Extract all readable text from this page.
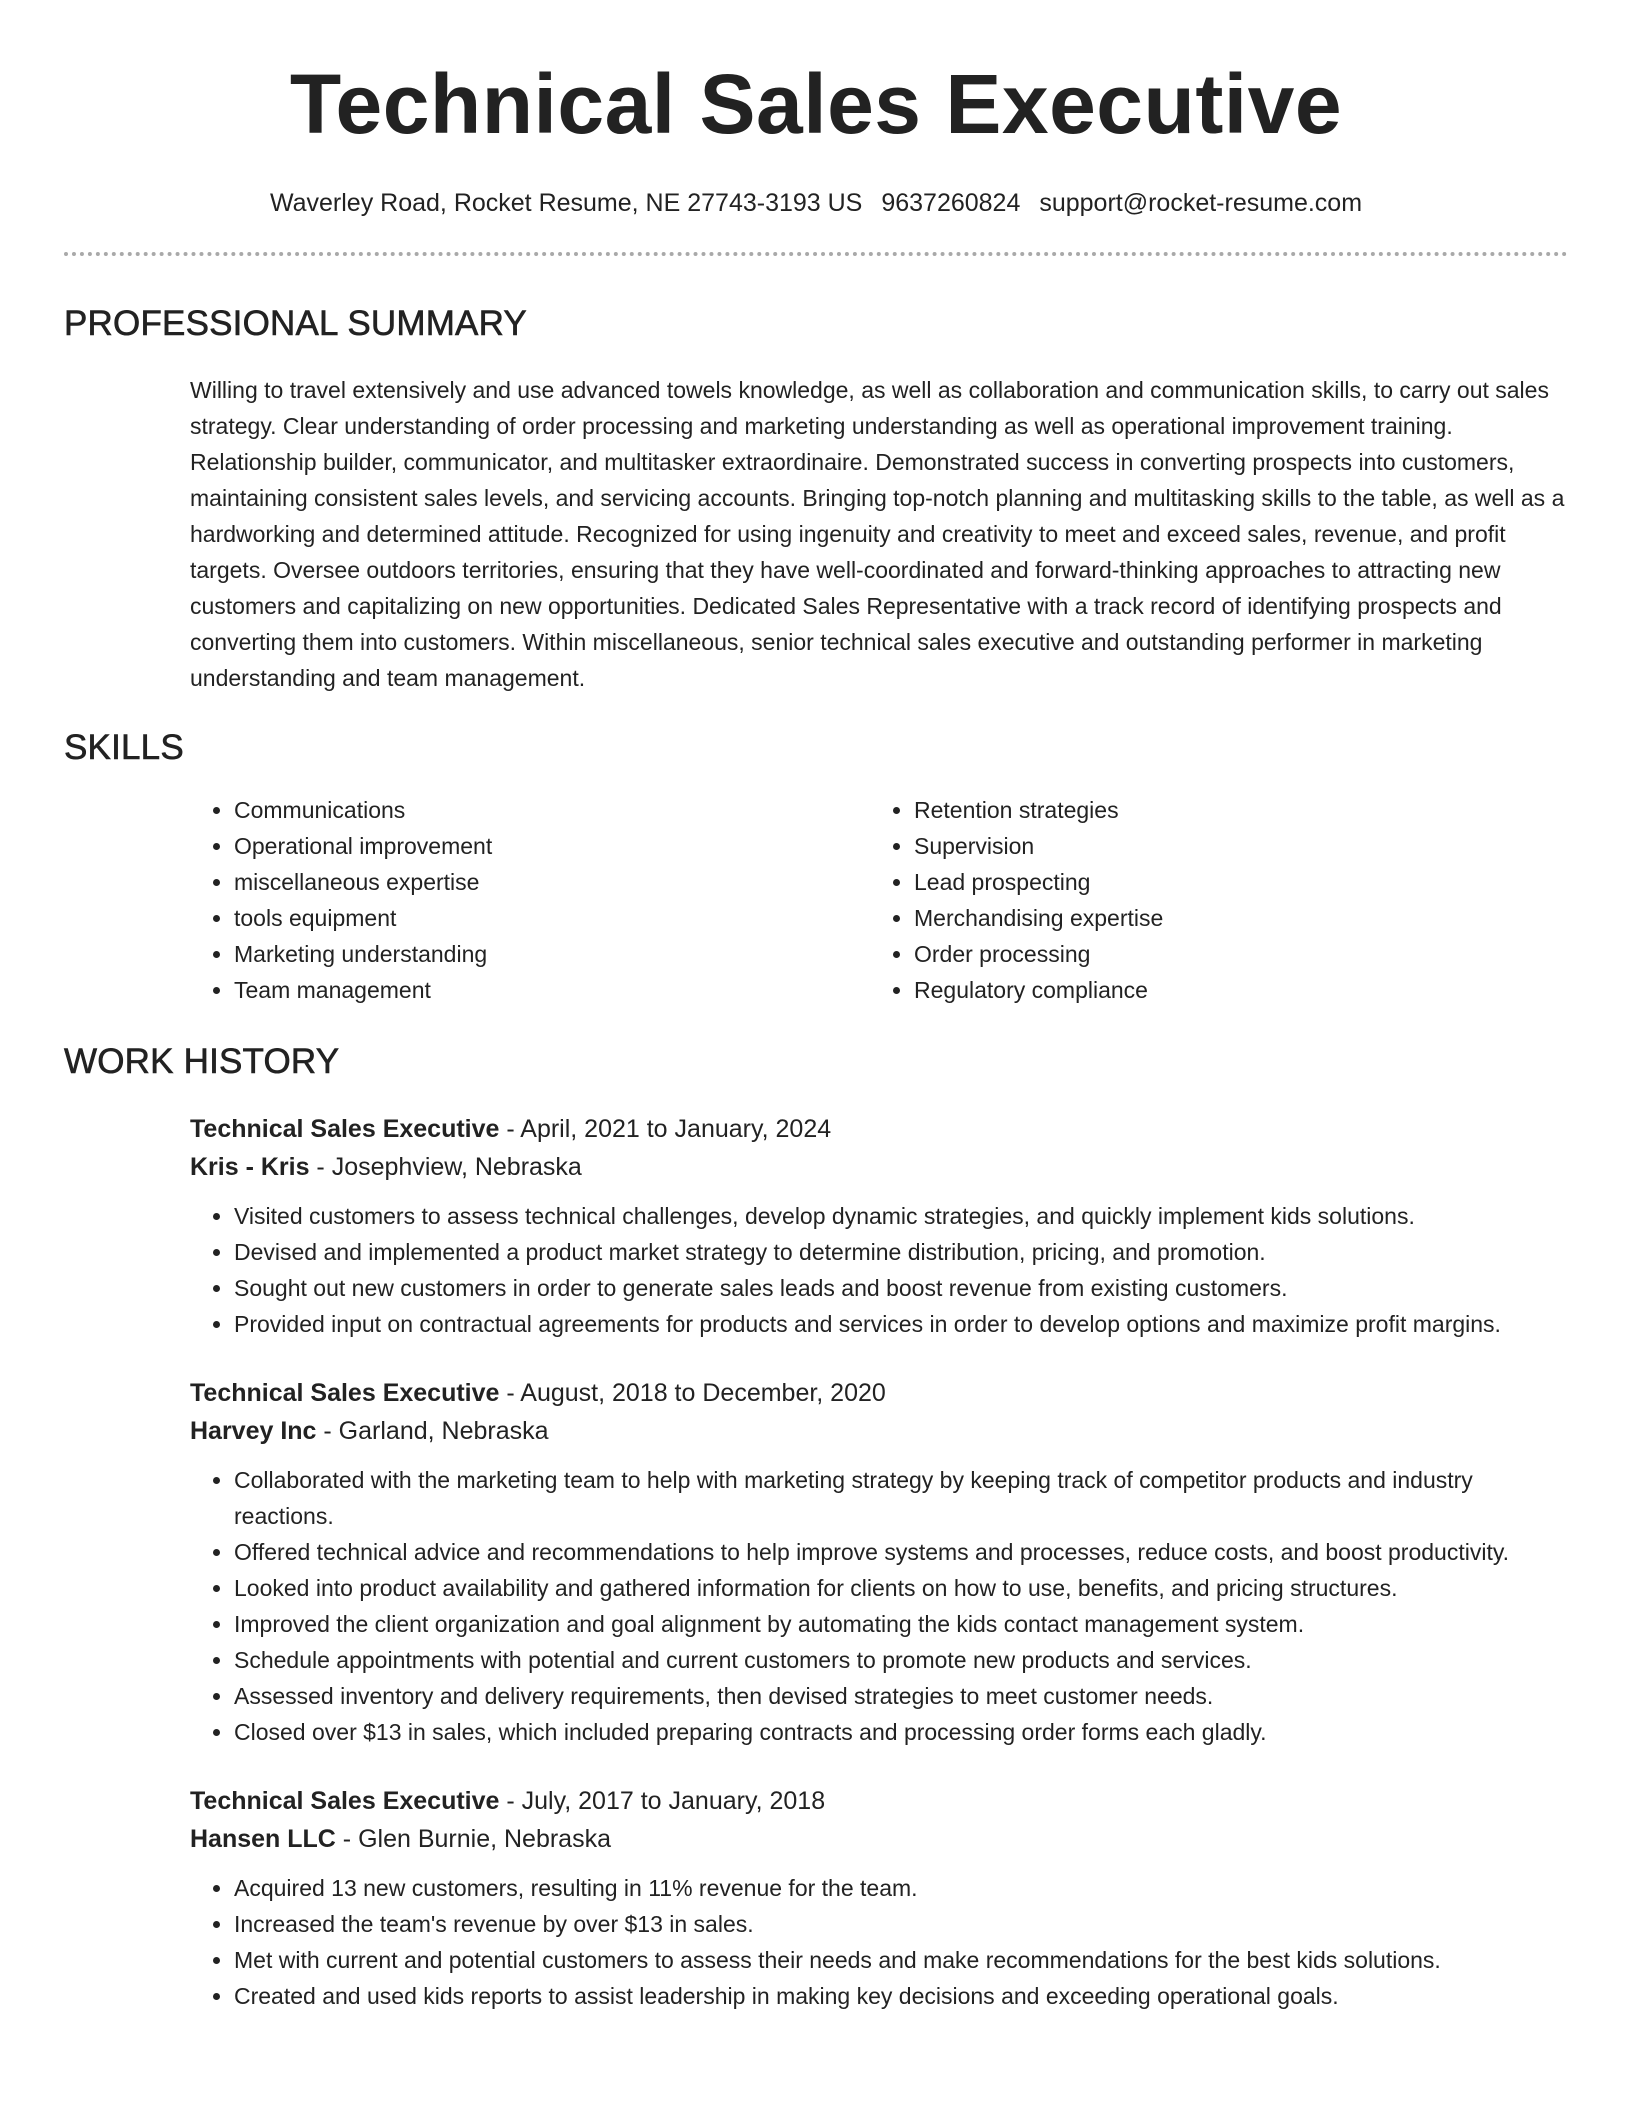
Technical Sales Executive
Waverley Road, Rocket Resume, NE 27743-3193 US 9637260824 support@rocket-resume.com
PROFESSIONAL SUMMARY

Willing to travel extensively and use advanced towels knowledge, as well as collaboration and communication skills, to carry out sales strategy. Clear understanding of order processing and marketing understanding as well as operational improvement training. Relationship builder, communicator, and multitasker extraordinaire. Demonstrated success in converting prospects into customers, maintaining consistent sales levels, and servicing accounts. Bringing top-notch planning and multitasking skills to the table, as well as a hardworking and determined attitude. Recognized for using ingenuity and creativity to meet and exceed sales, revenue, and profit targets. Oversee outdoors territories, ensuring that they have well-coordinated and forward-thinking approaches to attracting new customers and capitalizing on new opportunities. Dedicated Sales Representative with a track record of identifying prospects and converting them into customers. Within miscellaneous, senior technical sales executive and outstanding performer in marketing understanding and team management.

SKILLS
• Communications
• Operational improvement
• miscellaneous expertise
• tools equipment
• Marketing understanding
• Team management
• Retention strategies
• Supervision
• Lead prospecting
• Merchandising expertise
• Order processing
• Regulatory compliance
WORK HISTORY
Technical Sales Executive - April, 2021 to January, 2024
Kris - Kris - Josephview, Nebraska
• Visited customers to assess technical challenges, develop dynamic strategies, and quickly implement kids solutions.
• Devised and implemented a product market strategy to determine distribution, pricing, and promotion.
• Sought out new customers in order to generate sales leads and boost revenue from existing customers.
• Provided input on contractual agreements for products and services in order to develop options and maximize profit margins.
Technical Sales Executive - August, 2018 to December, 2020
Harvey Inc - Garland, Nebraska
• Collaborated with the marketing team to help with marketing strategy by keeping track of competitor products and industry reactions.
• Offered technical advice and recommendations to help improve systems and processes, reduce costs, and boost productivity.
• Looked into product availability and gathered information for clients on how to use, benefits, and pricing structures.
• Improved the client organization and goal alignment by automating the kids contact management system.
• Schedule appointments with potential and current customers to promote new products and services.
• Assessed inventory and delivery requirements, then devised strategies to meet customer needs.
• Closed over $13 in sales, which included preparing contracts and processing order forms each gladly.
Technical Sales Executive - July, 2017 to January, 2018
Hansen LLC - Glen Burnie, Nebraska
• Acquired 13 new customers, resulting in 11% revenue for the team.
• Increased the team's revenue by over $13 in sales.
• Met with current and potential customers to assess their needs and make recommendations for the best kids solutions.
• Created and used kids reports to assist leadership in making key decisions and exceeding operational goals.
